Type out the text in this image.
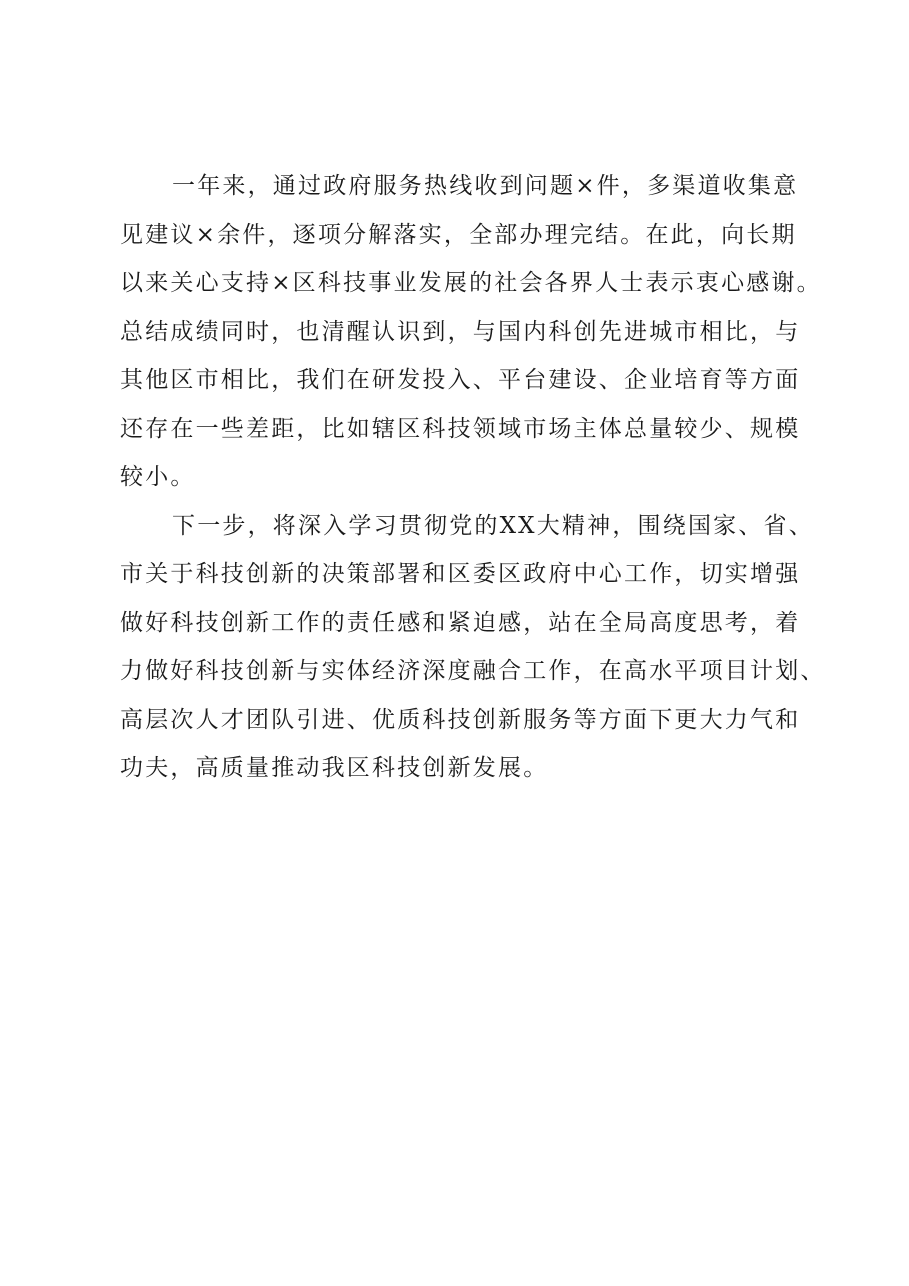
一年来，通过政府服务热线收到问题×件，多渠道收集意
见建议×余件，逐项分解落实，全部办理完结。在此，向长期
以来关心支持×区科技事业发展的社会各界人士表示衷心感谢。
总结成绩同时，也清醒认识到，与国内科创先进城市相比，与
其他区市相比，我们在研发投入、平台建设、企业培育等方面
还存在一些差距，比如辖区科技领域市场主体总量较少、规模
较小。
下一步，将深入学习贯彻党的XX大精神，围绕国家、省、
市关于科技创新的决策部署和区委区政府中心工作，切实增强
做好科技创新工作的责任感和紧迫感，站在全局高度思考，着
力做好科技创新与实体经济深度融合工作，在高水平项目计划、
高层次人才团队引进、优质科技创新服务等方面下更大力气和
功夫，高质量推动我区科技创新发展。
